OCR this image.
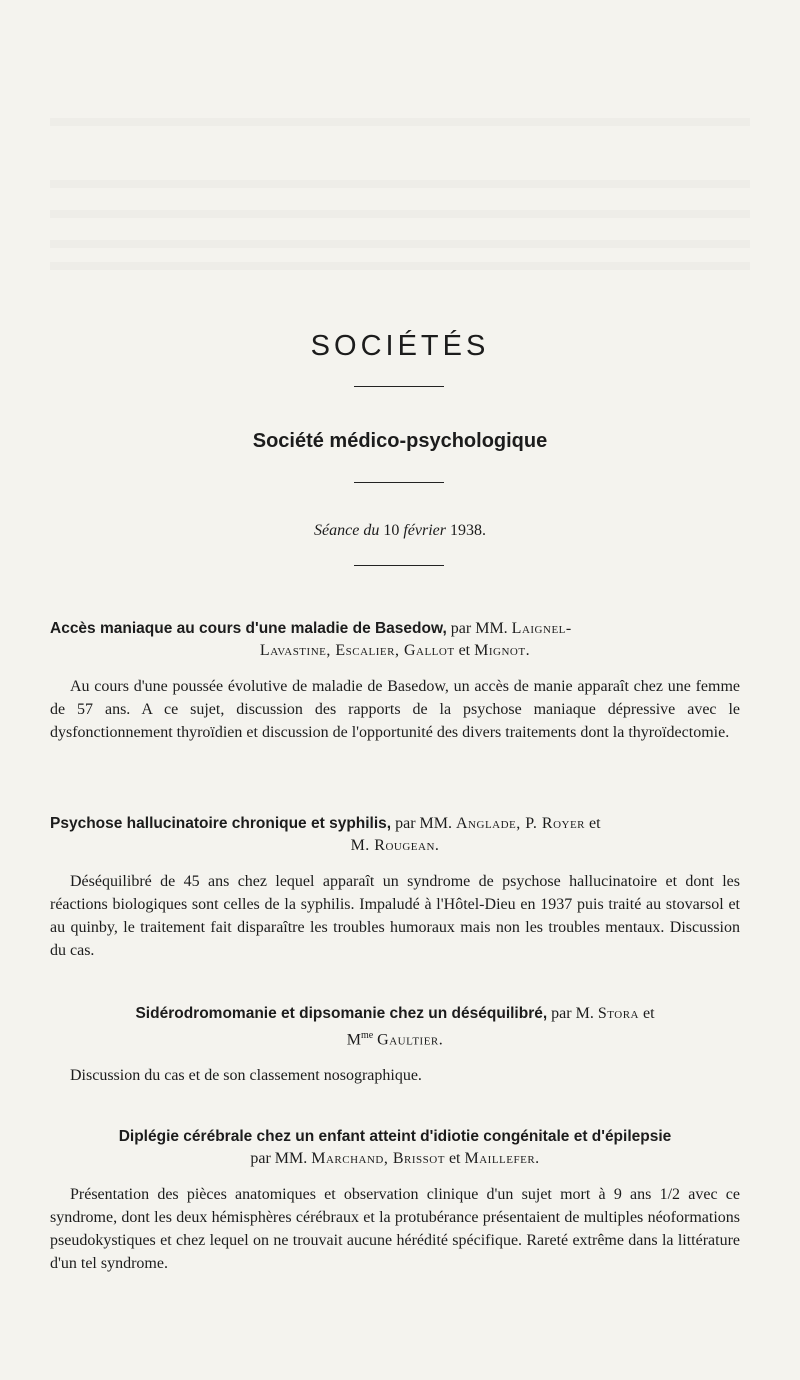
SOCIÉTÉS
Société médico-psychologique

Séance du 10 février 1938.

Accès maniaque au cours d'une maladie de Basedow, par MM. Laignel-
Lavastine, Escalier, Gallot et Mignot.

Au cours d'une poussée évolutive de maladie de Basedow, un accès de manie apparaît chez une femme de 57 ans. A ce sujet, discussion des rapports de la psychose maniaque dépressive avec le dysfonctionnement thyroïdien et discussion de l'opportunité des divers traitements dont la thyroïdectomie.

Psychose hallucinatoire chronique et syphilis, par MM. Anglade, P. Royer et
M. Rougean.

Déséquilibré de 45 ans chez lequel apparaît un syndrome de psychose hallucinatoire et dont les réactions biologiques sont celles de la syphilis. Impaludé à l'Hôtel-Dieu en 1937 puis traité au stovarsol et au quinby, le traitement fait disparaître les troubles humoraux mais non les troubles mentaux. Discussion du cas.

Sidérodromomanie et dipsomanie chez un déséquilibré, par M. Stora et
$M^{me}$ Gaultier.

Discussion du cas et de son classement nosographique.

Diplégie cérébrale chez un enfant atteint d'idiotie congénitale et d'épilepsie
par MM. Marchand, Brissot et Maillefer.

Présentation des pièces anatomiques et observation clinique d'un sujet mort à 9 ans 1/2 avec ce syndrome, dont les deux hémisphères cérébraux et la protubérance présentaient de multiples néoformations pseudokystiques et chez lequel on ne trouvait aucune hérédité spécifique. Rareté extrême dans la littérature d'un tel syndrome.
